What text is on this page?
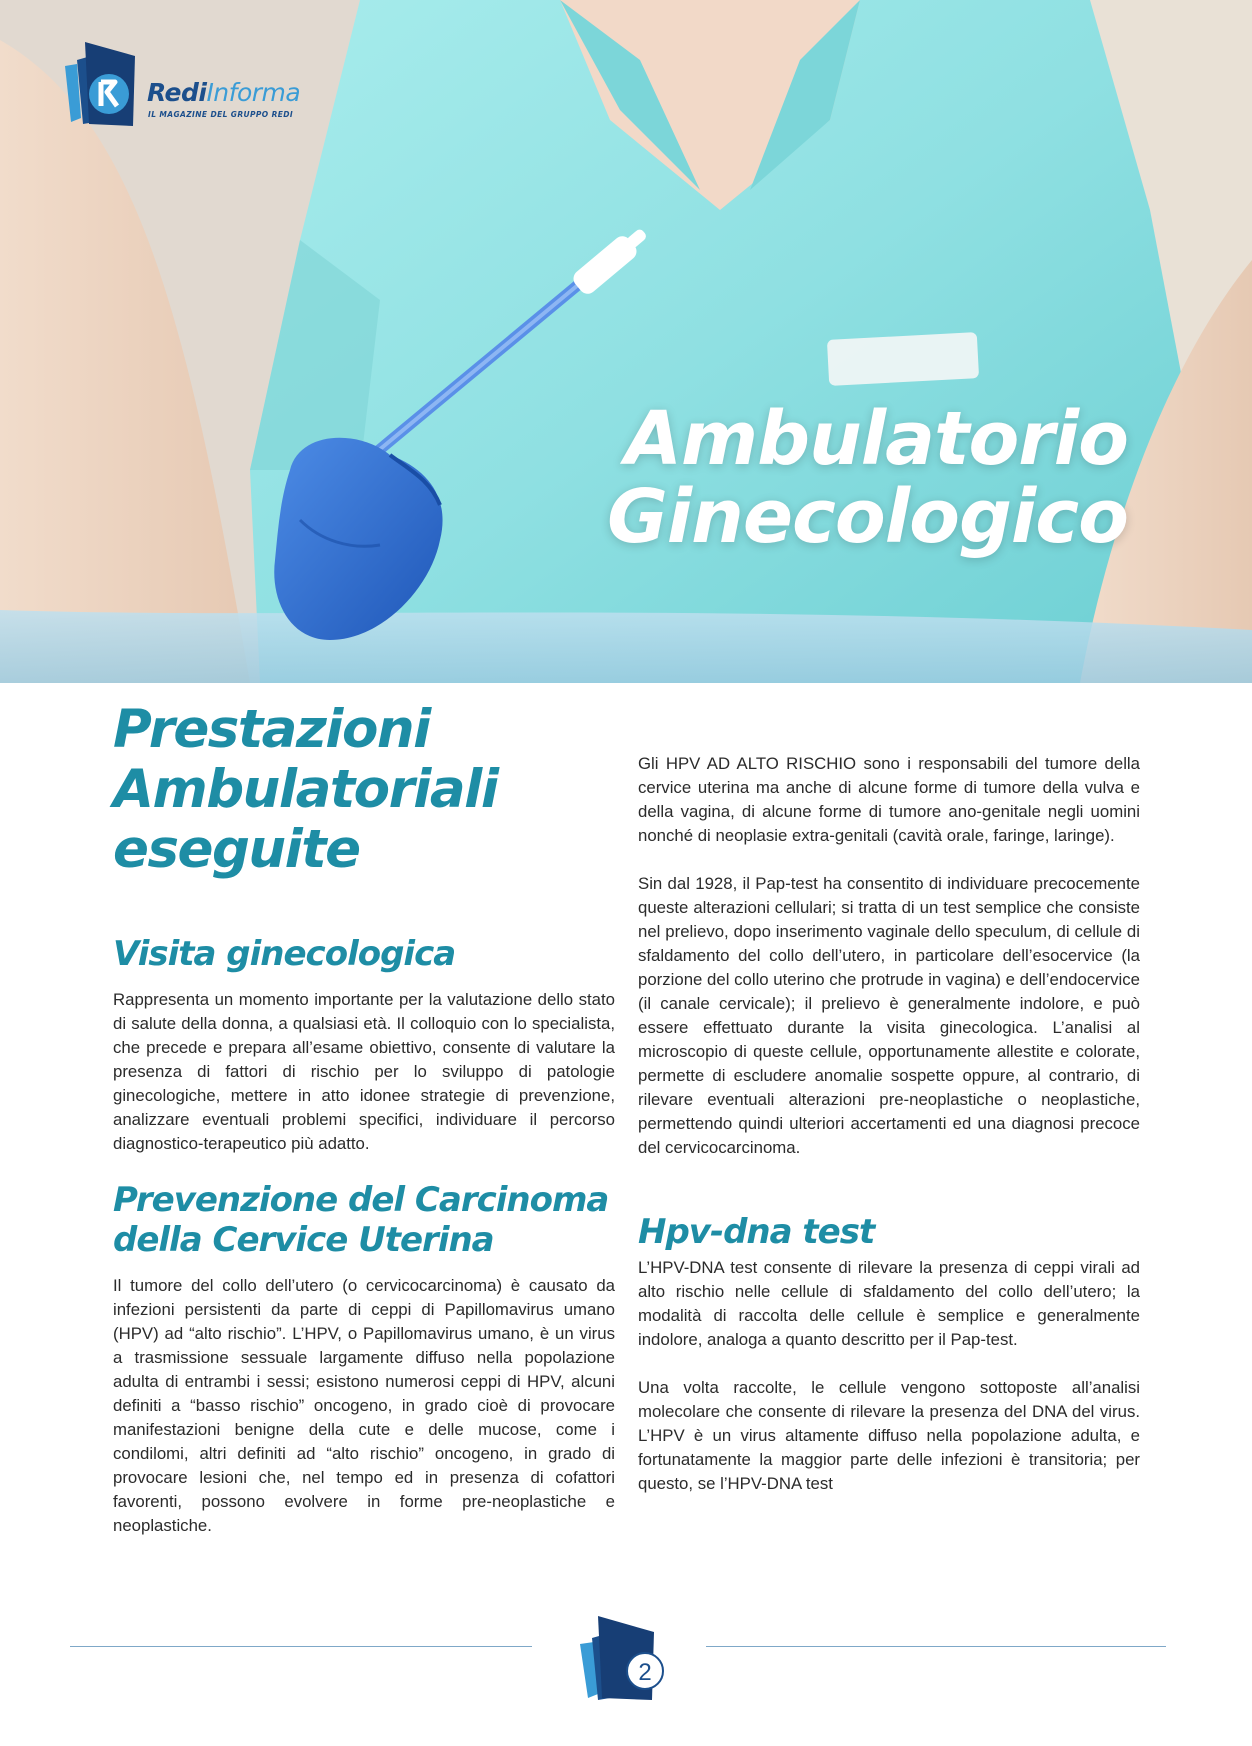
RediInforma
IL MAGAZINE DEL GRUPPO REDI
Ambulatorio
Ginecologico
Prestazioni
Ambulatoriali
eseguite
Visita ginecologica

Rappresenta un momento importante per la valutazione dello stato di salute della donna, a qualsiasi età. Il colloquio con lo specialista, che precede e prepara all’esame obiettivo, consente di valutare la presenza di fattori di rischio per lo sviluppo di patologie ginecologiche, mettere in atto idonee strategie di prevenzione, analizzare eventuali problemi specifici, individuare il percorso diagnostico-terapeutico più adatto.

Prevenzione del Carcinoma
della Cervice Uterina

Il tumore del collo dell’utero (o cervicocarcinoma) è causato da infezioni persistenti da parte di ceppi di Papillomavirus umano (HPV) ad “alto rischio”. L’HPV, o Papillomavirus umano, è un virus a trasmissione sessuale largamente diffuso nella popolazione adulta di entrambi i sessi; esistono numerosi ceppi di HPV, alcuni definiti a “basso rischio” oncogeno, in grado cioè di provocare manifestazioni benigne della cute e delle mucose, come i condilomi, altri definiti ad “alto rischio” oncogeno, in grado di provocare lesioni che, nel tempo ed in presenza di cofattori favorenti, possono evolvere in forme pre-neoplastiche e neoplastiche.

Gli HPV AD ALTO RISCHIO sono i responsabili del tumore della cervice uterina ma anche di alcune forme di tumore della vulva e della vagina, di alcune forme di tumore ano-genitale negli uomini nonché di neoplasie extra-genitali (cavità orale, faringe, laringe).

Sin dal 1928, il Pap-test ha consentito di individuare precocemente queste alterazioni cellulari; si tratta di un test semplice che consiste nel prelievo, dopo inserimento vaginale dello speculum, di cellule di sfaldamento del collo dell’utero, in particolare dell’esocervice (la porzione del collo uterino che protrude in vagina) e dell’endocervice (il canale cervicale); il prelievo è generalmente indolore, e può essere effettuato durante la visita ginecologica. L’analisi al microscopio di queste cellule, opportunamente allestite e colorate, permette di escludere anomalie sospette oppure, al contrario, di rilevare eventuali alterazioni pre-neoplastiche o neoplastiche, permettendo quindi ulteriori accertamenti ed una diagnosi precoce del cervicocarcinoma.

Hpv-dna test

L’HPV-DNA test consente di rilevare la presenza di ceppi virali ad alto rischio nelle cellule di sfaldamento del collo dell’utero; la modalità di raccolta delle cellule è semplice e generalmente indolore, analoga a quanto descritto per il Pap-test.

Una volta raccolte, le cellule vengono sottoposte all’analisi molecolare che consente di rilevare la presenza del DNA del virus. L’HPV è un virus altamente diffuso nella popolazione adulta, e fortunatamente la maggior parte delle infezioni è transitoria; per questo, se l’HPV-DNA test

2
